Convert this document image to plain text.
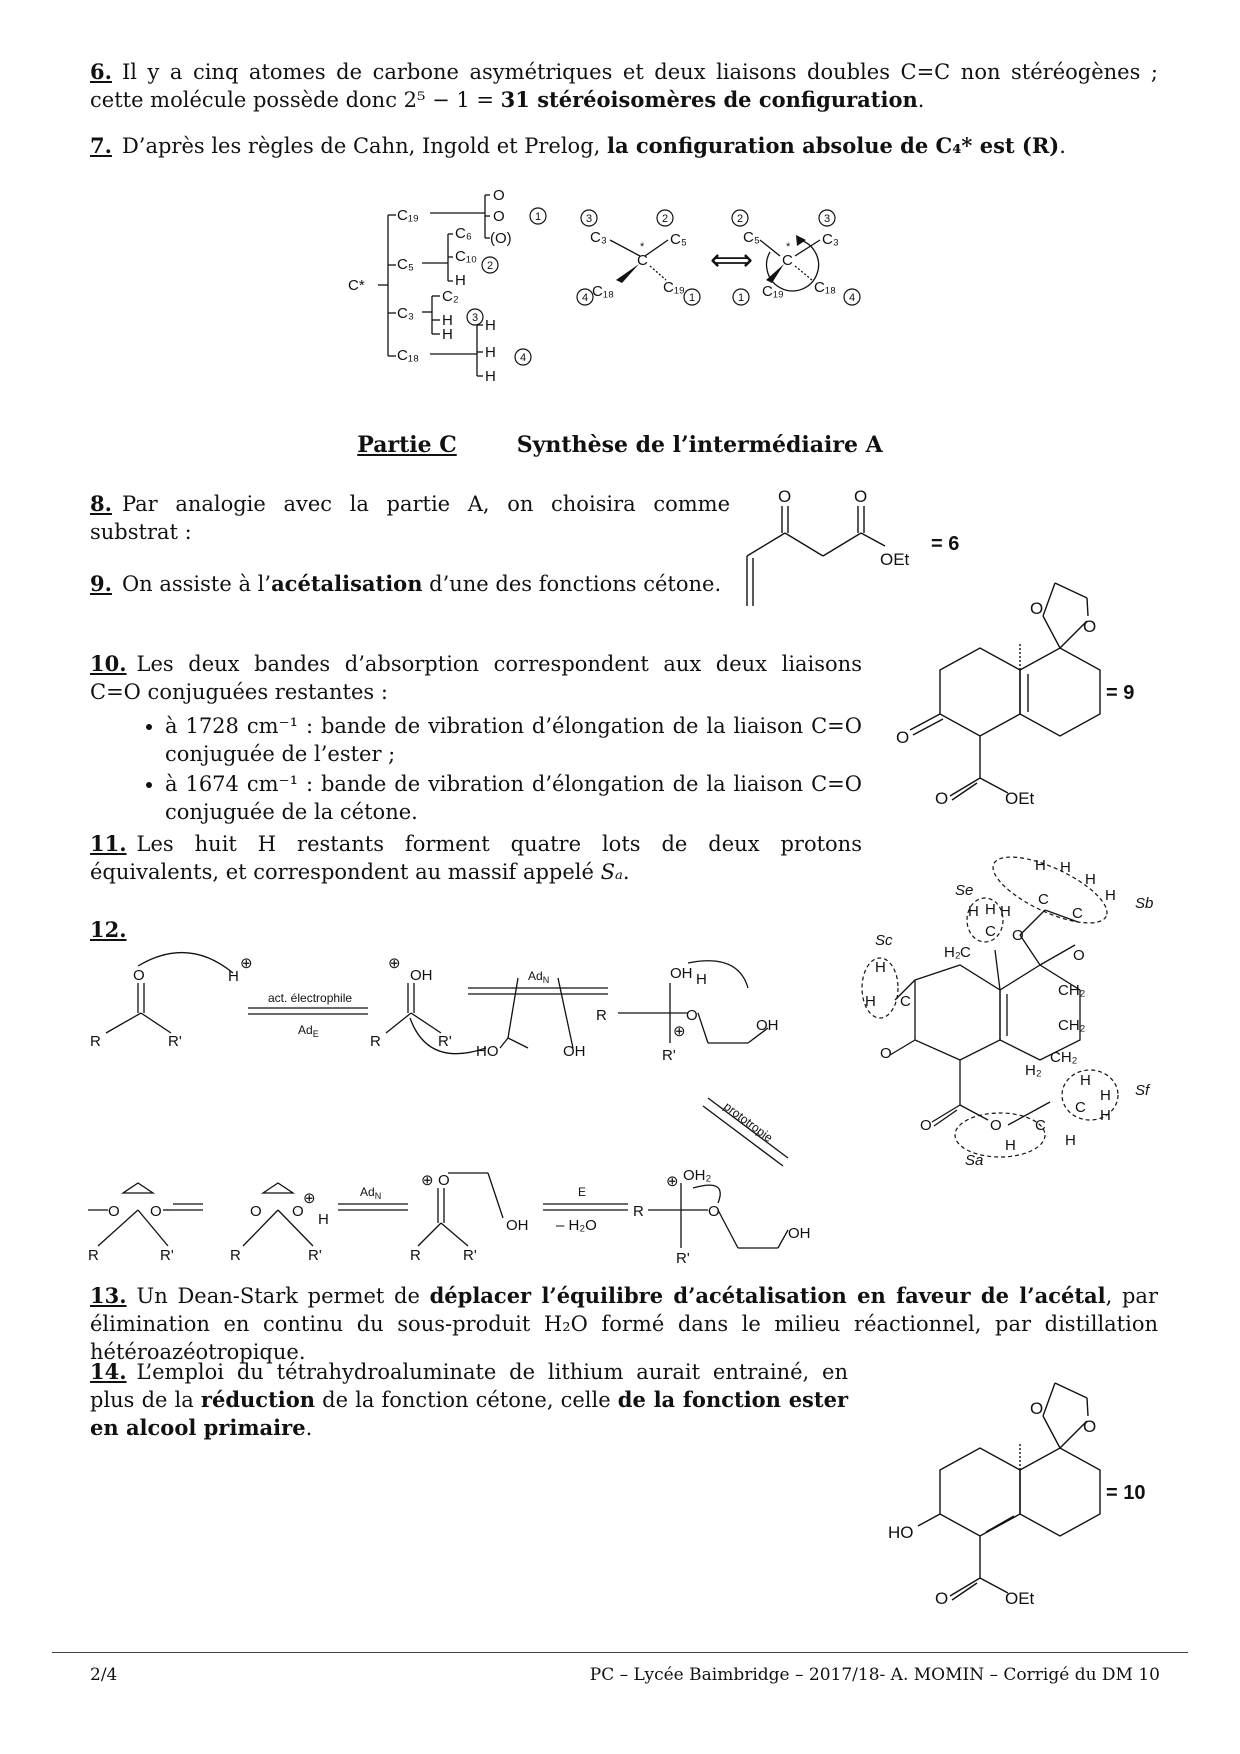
6. Il y a cinq atomes de carbone asymétriques et deux liaisons doubles C=C non stéréogènes ; cette molécule possède donc 2⁵ − 1 = 31 stéréoisomères de configuration.
7. D’après les règles de Cahn, Ingold et Prelog, la configuration absolue de C₄* est (R).
C*
C₁₉
C₅
C₃
C₁₈
O
O
(O)
C₆
C₁₀
H
C₂
H
H
H
H
H
1
2
3
4
C₃	C₅
C
*
C₁₈	C₁₉
3	2
4	1
⟺
C₅	C₃
C
*
C₁₉ C₁₈
2	3
1	4
Partie C	Synthèse de l’intermédiaire A
8. Par analogie avec la partie A, on choisira comme substrat :
O	O
OEt
= 6
9. On assiste à l’acétalisation d’une des fonctions cétone.
10. Les deux bandes d’absorption correspondent aux deux liaisons C=O conjuguées restantes :
• à 1728 cm⁻¹ : bande de vibration d’élongation de la liaison C=O conjuguée de l’ester ;
• à 1674 cm⁻¹ : bande de vibration d’élongation de la liaison C=O conjuguée de la cétone.
O
O
O
O	OEt
= 9
11. Les huit H restants forment quatre lots de deux protons équivalents, et correspondent au massif appelé Sₐ.
12.
O
R	R'
H
⊕
act. électrophile
$Ad_E$
⊕
OH
R	R'
$Ad_N$
HO	OH
OH
R
R'
O
H
⊕	OH
prototropie
O O
R	R'
O O
⊕
H
R	R'
$Ad_N$
⊕ O
OH
R	R'
E
– H₂O
⊕ OH₂
R	O
R'
OH
C
H H H
H H
H
H
C
C
O
O
H₂ C
H
H C
CH₂
CH₂
CH₂
H₂
O
O	O
C
C
H
H
H
H	H
Se
Sb
Sc
Sf
Sa
13. Un Dean-Stark permet de déplacer l’équilibre d’acétalisation en faveur de l’acétal, par élimination en continu du sous-produit H₂O formé dans le milieu réactionnel, par distillation hétéroazéotropique.
14. L’emploi du tétrahydroaluminate de lithium aurait entrainé, en plus de la réduction de la fonction cétone, celle de la fonction ester en alcool primaire.
O
O
HO
O	OEt
= 10
2/4	PC – Lycée Baimbridge – 2017/18- A. MOMIN – Corrigé du DM 10
